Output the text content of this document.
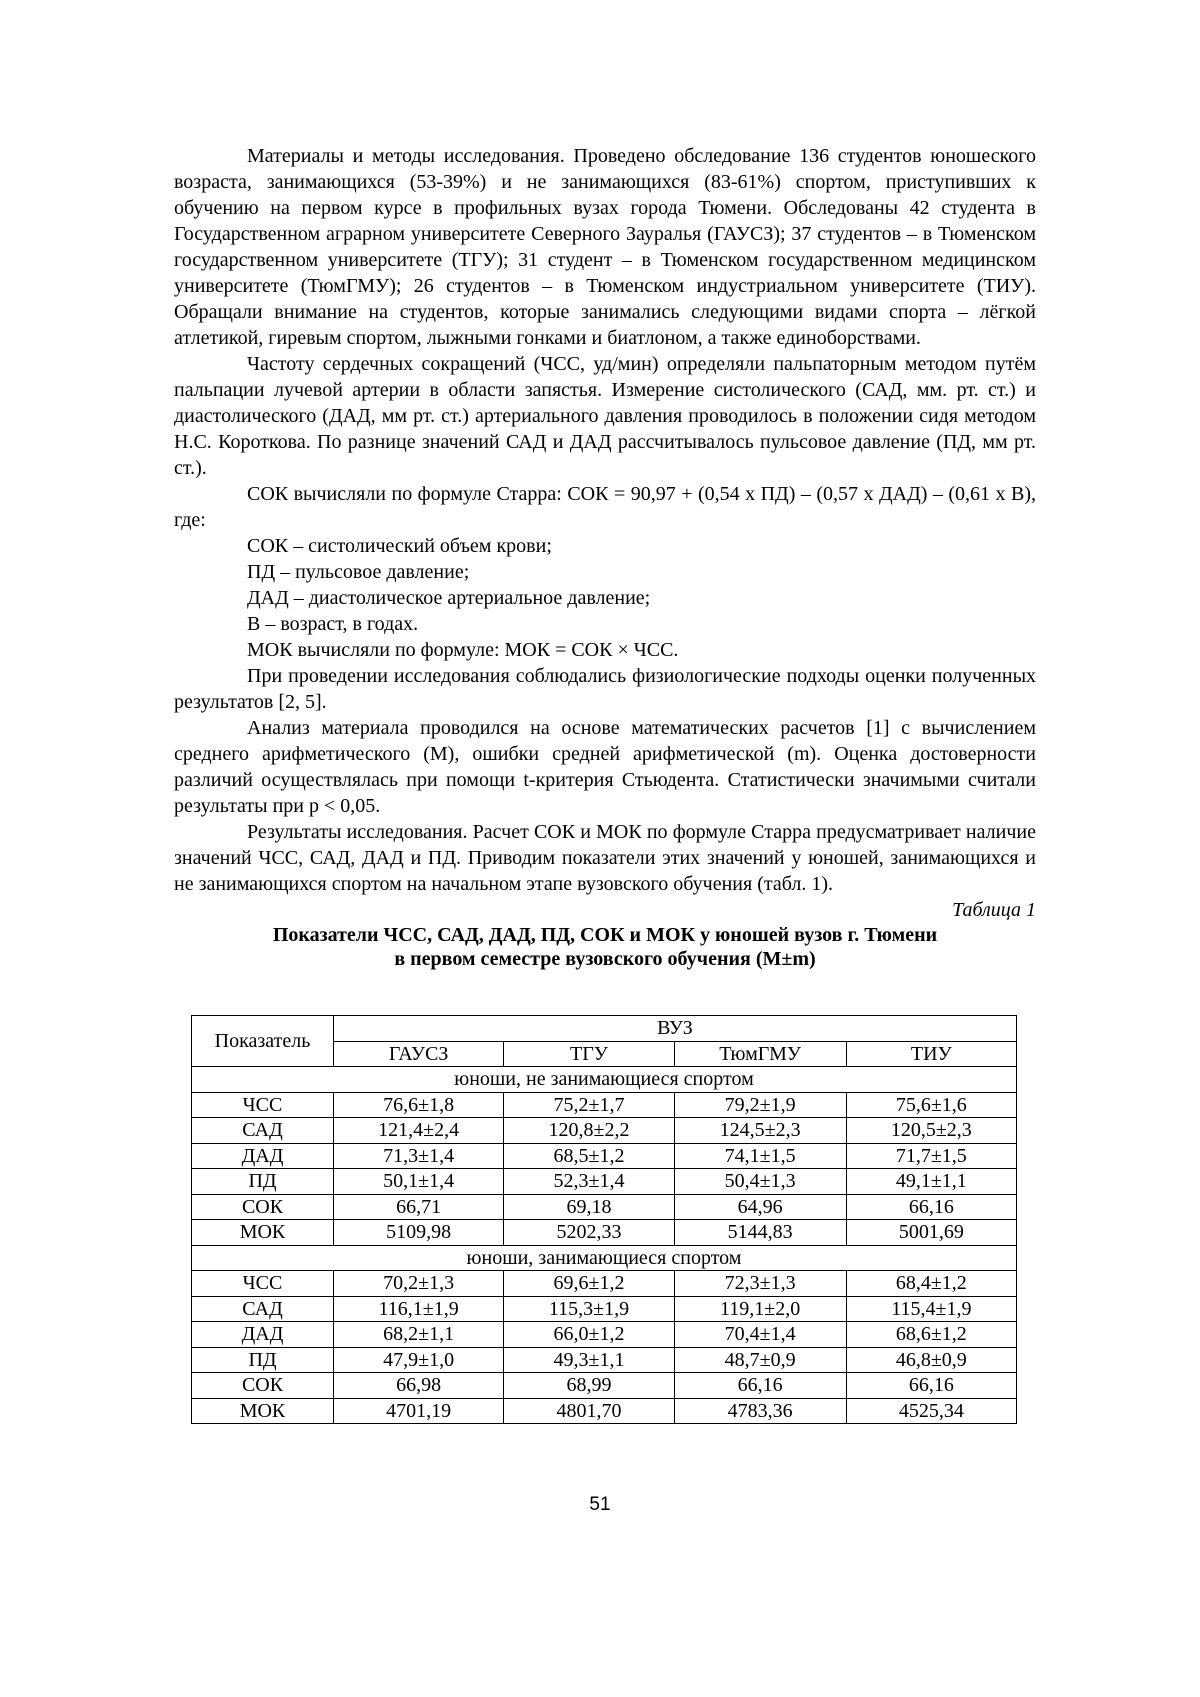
Материалы и методы исследования. Проведено обследование 136 студентов юношеского возраста, занимающихся (53-39%) и не занимающихся (83-61%) спортом, приступивших к обучению на первом курсе в профильных вузах города Тюмени. Обследованы 42 студента в Государственном аграрном университете Северного Зауралья (ГАУСЗ); 37 студентов – в Тюменском государственном университете (ТГУ); 31 студент – в Тюменском государственном медицинском университете (ТюмГМУ); 26 студентов – в Тюменском индустриальном университете (ТИУ). Обращали внимание на студентов, которые занимались следующими видами спорта – лёгкой атлетикой, гиревым спортом, лыжными гонками и биатлоном, а также единоборствами.

Частоту сердечных сокращений (ЧСС, уд/мин) определяли пальпаторным методом путём пальпации лучевой артерии в области запястья. Измерение систолического (САД, мм. рт. ст.) и диастолического (ДАД, мм рт. ст.) артериального давления проводилось в положении сидя методом Н.С. Короткова. По разнице значений САД и ДАД рассчитывалось пульсовое давление (ПД, мм рт. ст.).

СОК вычисляли по формуле Старра: СОК = 90,97 + (0,54 х ПД) – (0,57 х ДАД) – (0,61 х В), где:

СОК – систолический объем крови;

ПД – пульсовое давление;

ДАД – диастолическое артериальное давление;

В – возраст, в годах.

МОК вычисляли по формуле: МОК = СОК × ЧСС.

При проведении исследования соблюдались физиологические подходы оценки полученных результатов [2, 5].

Анализ материала проводился на основе математических расчетов [1] с вычислением среднего арифметического (М), ошибки средней арифметической (m). Оценка достоверности различий осуществлялась при помощи t-критерия Стьюдента. Статистически значимыми считали результаты при p < 0,05.

Результаты исследования. Расчет СОК и МОК по формуле Старра предусматривает наличие значений ЧСС, САД, ДАД и ПД. Приводим показатели этих значений у юношей, занимающихся и не занимающихся спортом на начальном этапе вузовского обучения (табл. 1).

Таблица 1

Показатели ЧСС, САД, ДАД, ПД, СОК и МОК у юношей вузов г. Тюмени

в первом семестре вузовского обучения (M±m)

Показатель	ВУЗ			
	ГАУСЗ	ТГУ	ТюмГМУ	ТИУ
юноши, не занимающиеся спортом				
ЧСС	76,6±1,8	75,2±1,7	79,2±1,9	75,6±1,6
САД	121,4±2,4	120,8±2,2	124,5±2,3	120,5±2,3
ДАД	71,3±1,4	68,5±1,2	74,1±1,5	71,7±1,5
ПД	50,1±1,4	52,3±1,4	50,4±1,3	49,1±1,1
СОК	66,71	69,18	64,96	66,16
МОК	5109,98	5202,33	5144,83	5001,69
юноши, занимающиеся спортом				
ЧСС	70,2±1,3	69,6±1,2	72,3±1,3	68,4±1,2
САД	116,1±1,9	115,3±1,9	119,1±2,0	115,4±1,9
ДАД	68,2±1,1	66,0±1,2	70,4±1,4	68,6±1,2
ПД	47,9±1,0	49,3±1,1	48,7±0,9	46,8±0,9
СОК	66,98	68,99	66,16	66,16
МОК	4701,19	4801,70	4783,36	4525,34
51
